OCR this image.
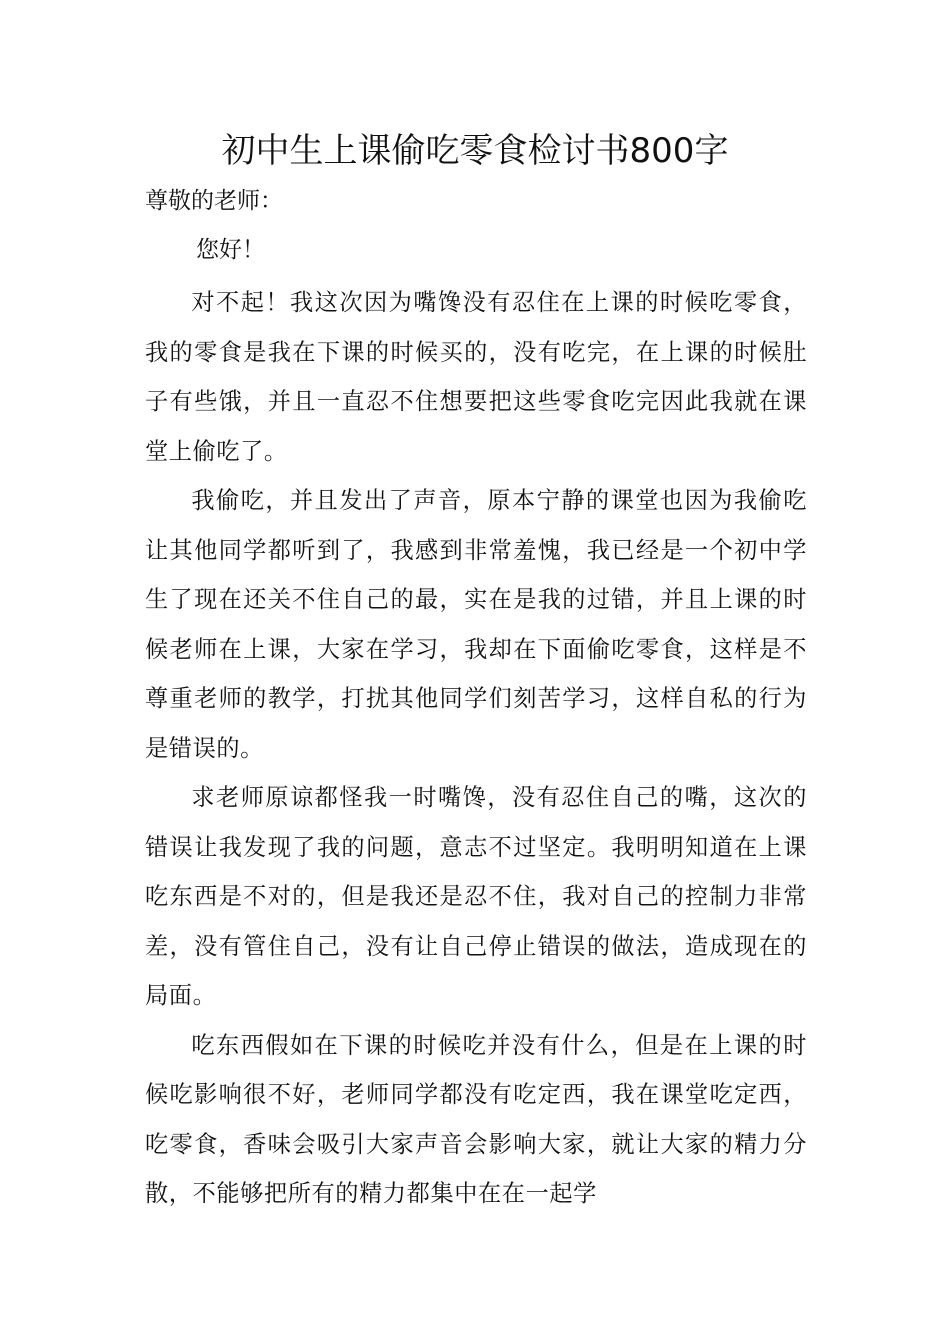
初中生上课偷吃零食检讨书800字

尊敬的老师：

您好！

对不起！我这次因为嘴馋没有忍住在上课的时候吃零食，我的零食是我在下课的时候买的，没有吃完，在上课的时候肚子有些饿，并且一直忍不住想要把这些零食吃完因此我就在课堂上偷吃了。

我偷吃，并且发出了声音，原本宁静的课堂也因为我偷吃让其他同学都听到了，我感到非常羞愧，我已经是一个初中学生了现在还关不住自己的最，实在是我的过错，并且上课的时候老师在上课，大家在学习，我却在下面偷吃零食，这样是不尊重老师的教学，打扰其他同学们刻苦学习，这样自私的行为是错误的。

求老师原谅都怪我一时嘴馋，没有忍住自己的嘴，这次的错误让我发现了我的问题，意志不过坚定。我明明知道在上课吃东西是不对的，但是我还是忍不住，我对自己的控制力非常差，没有管住自己，没有让自己停止错误的做法，造成现在的局面。

吃东西假如在下课的时候吃并没有什么，但是在上课的时候吃影响很不好，老师同学都没有吃定西，我在课堂吃定西，吃零食，香味会吸引大家声音会影响大家，就让大家的精力分散，不能够把所有的精力都集中在在一起学
